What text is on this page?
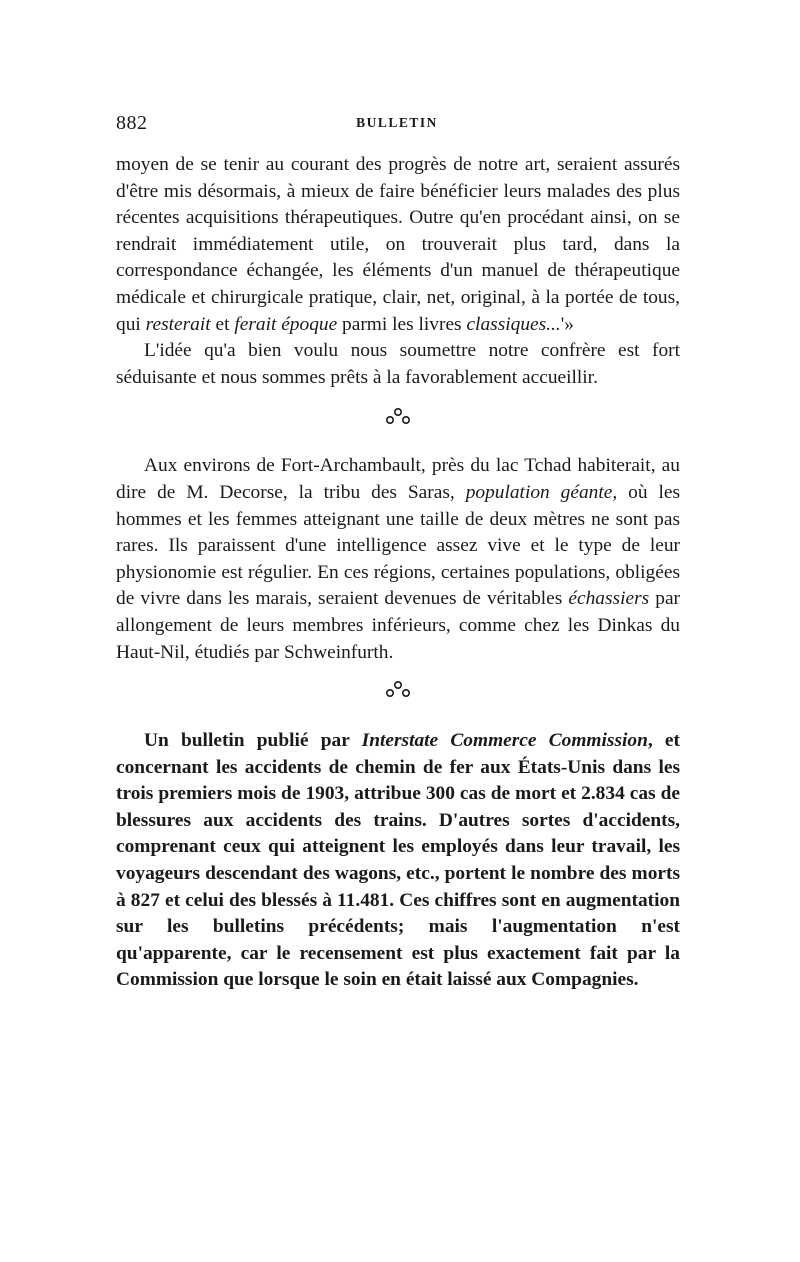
882	BULLETIN

moyen de se tenir au courant des progrès de notre art, seraient assurés d'être mis désormais, à mieux de faire bénéficier leurs malades des plus récentes acquisitions thérapeutiques. Outre qu'en procédant ainsi, on se rendrait immédiatement utile, on trouverait plus tard, dans la correspondance échangée, les éléments d'un manuel de thérapeutique médicale et chirurgicale pratique, clair, net, original, à la portée de tous, qui resterait et ferait époque parmi les livres classiques...'»

L'idée qu'a bien voulu nous soumettre notre confrère est fort séduisante et nous sommes prêts à la favorablement accueillir.

Aux environs de Fort-Archambault, près du lac Tchad habiterait, au dire de M. Decorse, la tribu des Saras, population géante, où les hommes et les femmes atteignant une taille de deux mètres ne sont pas rares. Ils paraissent d'une intelligence assez vive et le type de leur physionomie est régulier. En ces régions, certaines populations, obligées de vivre dans les marais, seraient devenues de véritables échassiers par allongement de leurs membres inférieurs, comme chez les Dinkas du Haut-Nil, étudiés par Schweinfurth.

Un bulletin publié par Interstate Commerce Commission, et concernant les accidents de chemin de fer aux États-Unis dans les trois premiers mois de 1903, attribue 300 cas de mort et 2.834 cas de blessures aux accidents des trains. D'autres sortes d'accidents, comprenant ceux qui atteignent les employés dans leur travail, les voyageurs descendant des wagons, etc., portent le nombre des morts à 827 et celui des blessés à 11.481. Ces chiffres sont en augmentation sur les bulletins précédents; mais l'augmentation n'est qu'apparente, car le recensement est plus exactement fait par la Commission que lorsque le soin en était laissé aux Compagnies.
